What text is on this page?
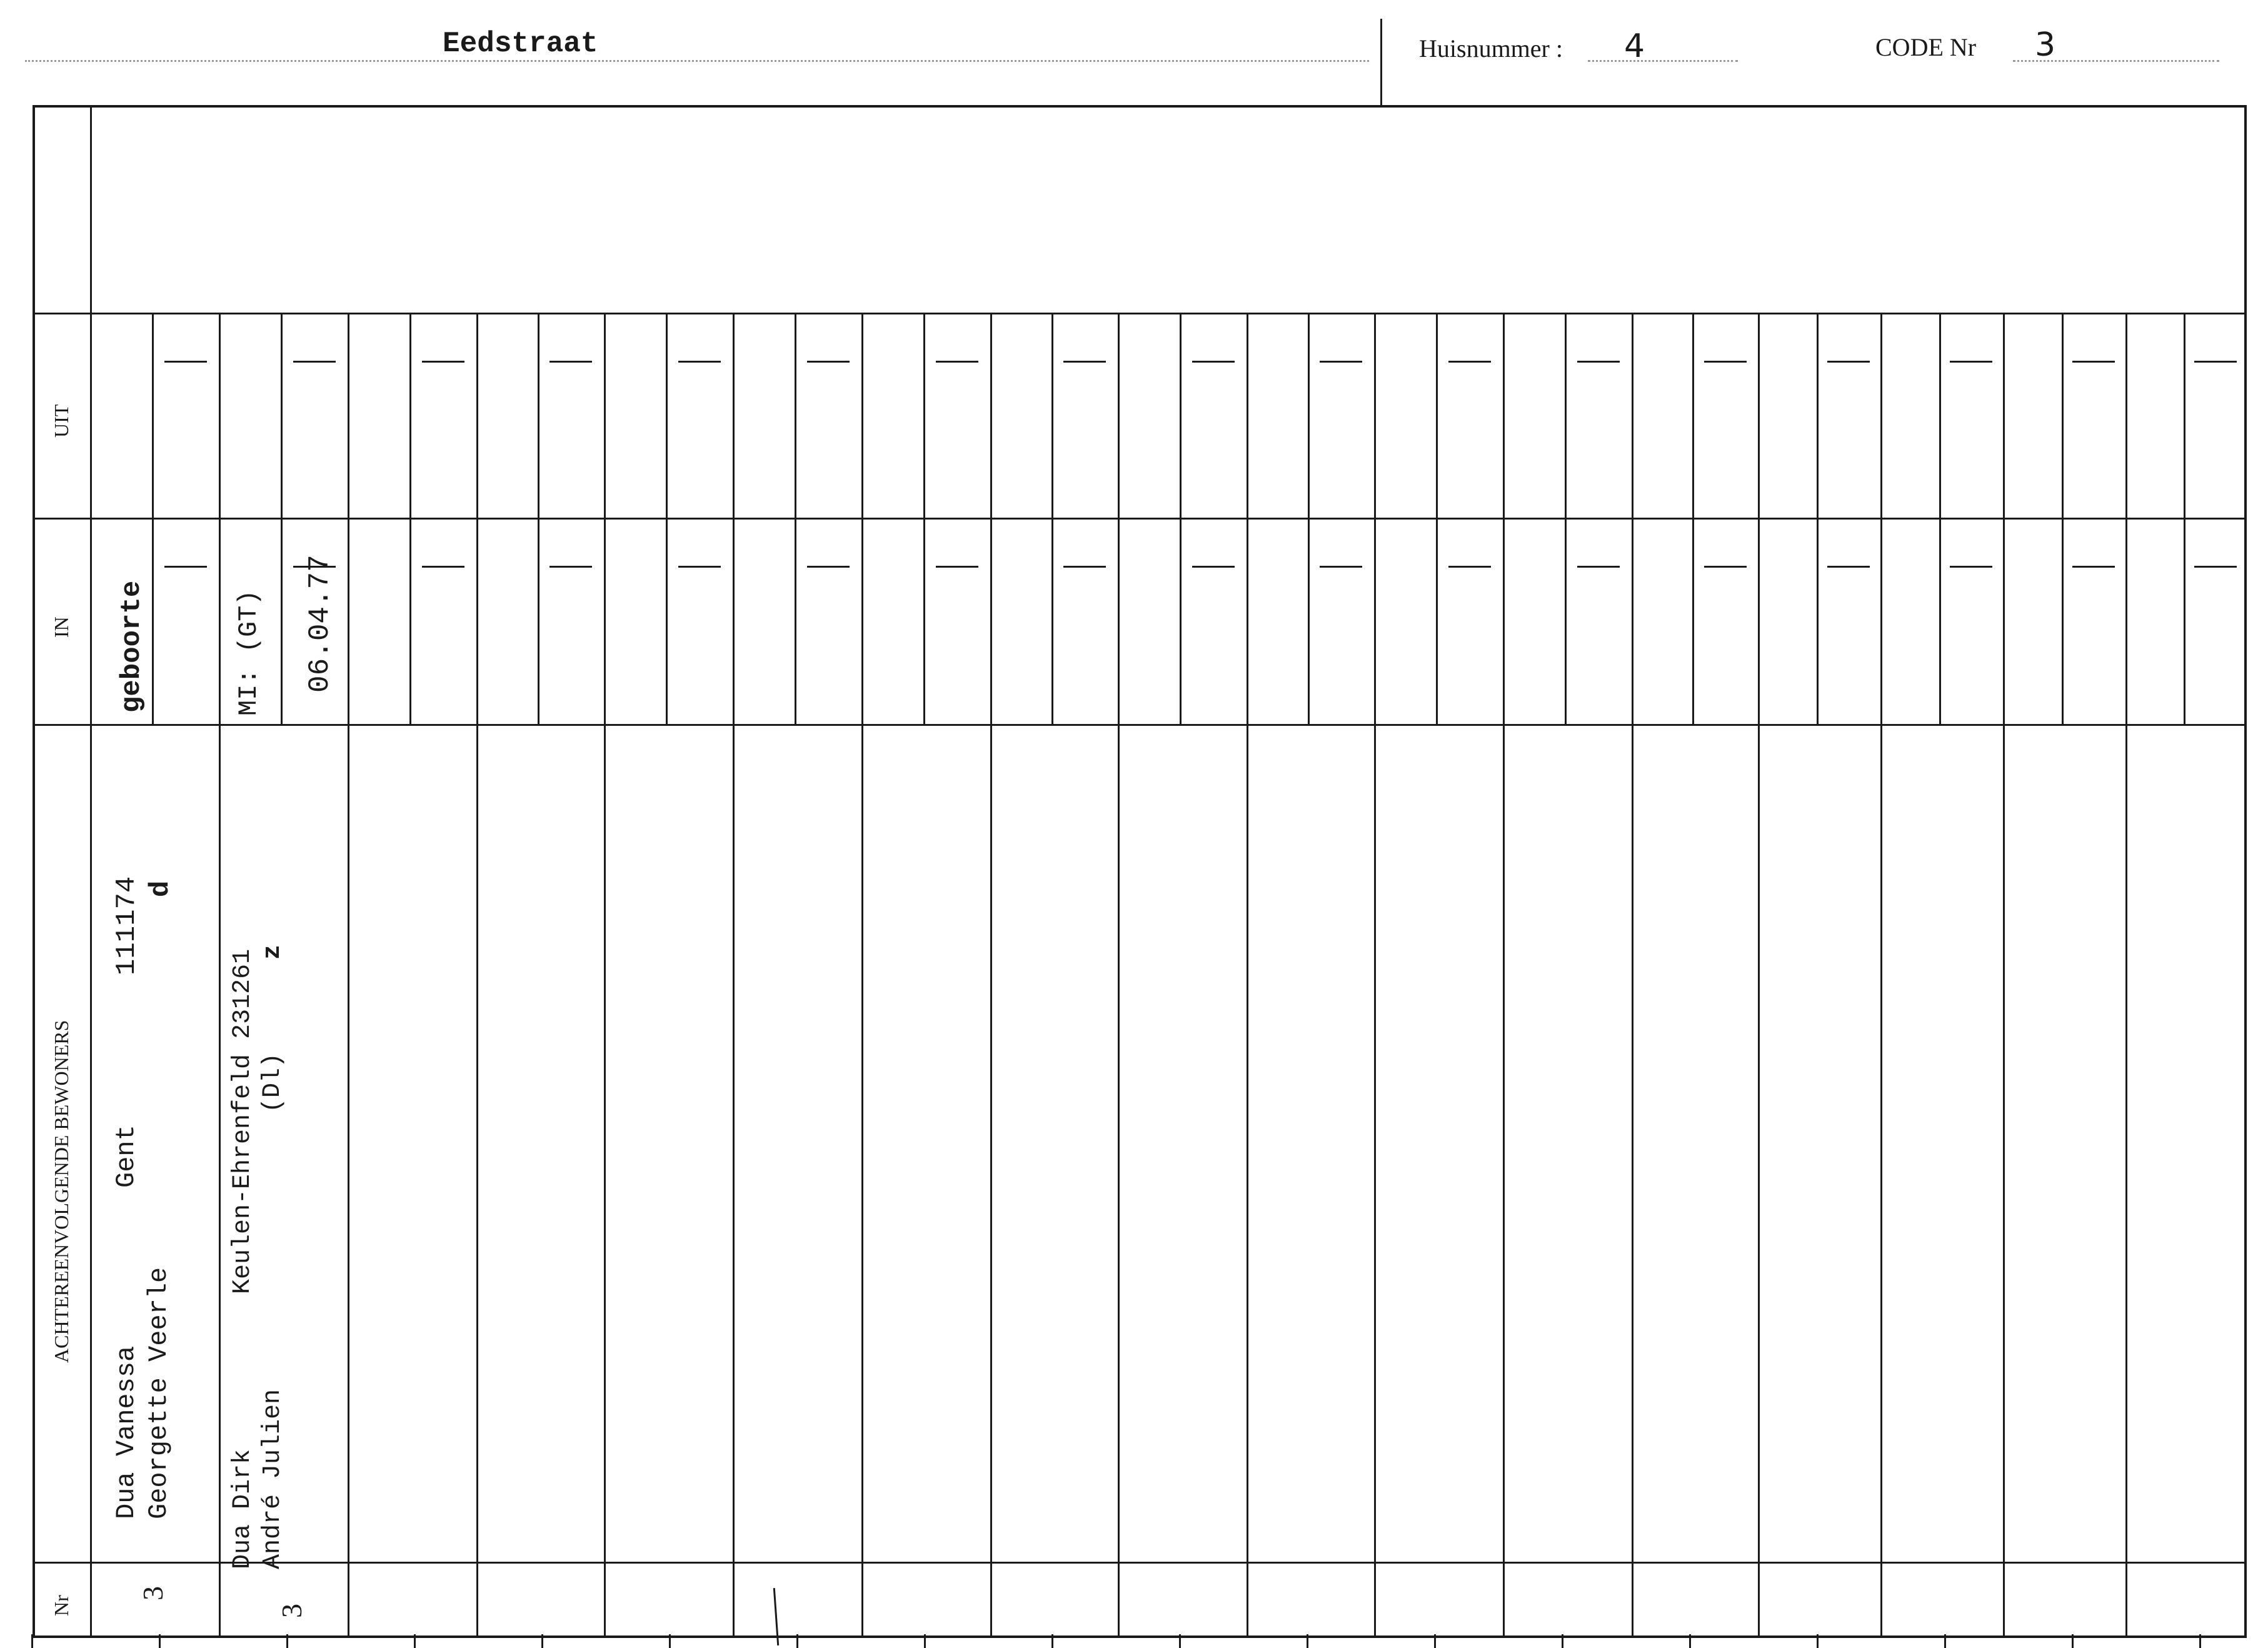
Eedstraat	Huisnummer : 4	CODE Nr 3
UIT
IN
ACHTEREENVOLGENDE BEWONERS
Nr
geboorte
Dua Vanessa Georgette Veerle
Gent
111174 d
3
MI: (GT) 06.04.77
Dua Dirk André Julien
Keulen-Ehrenfeld 231261 (Dl)
z
3
